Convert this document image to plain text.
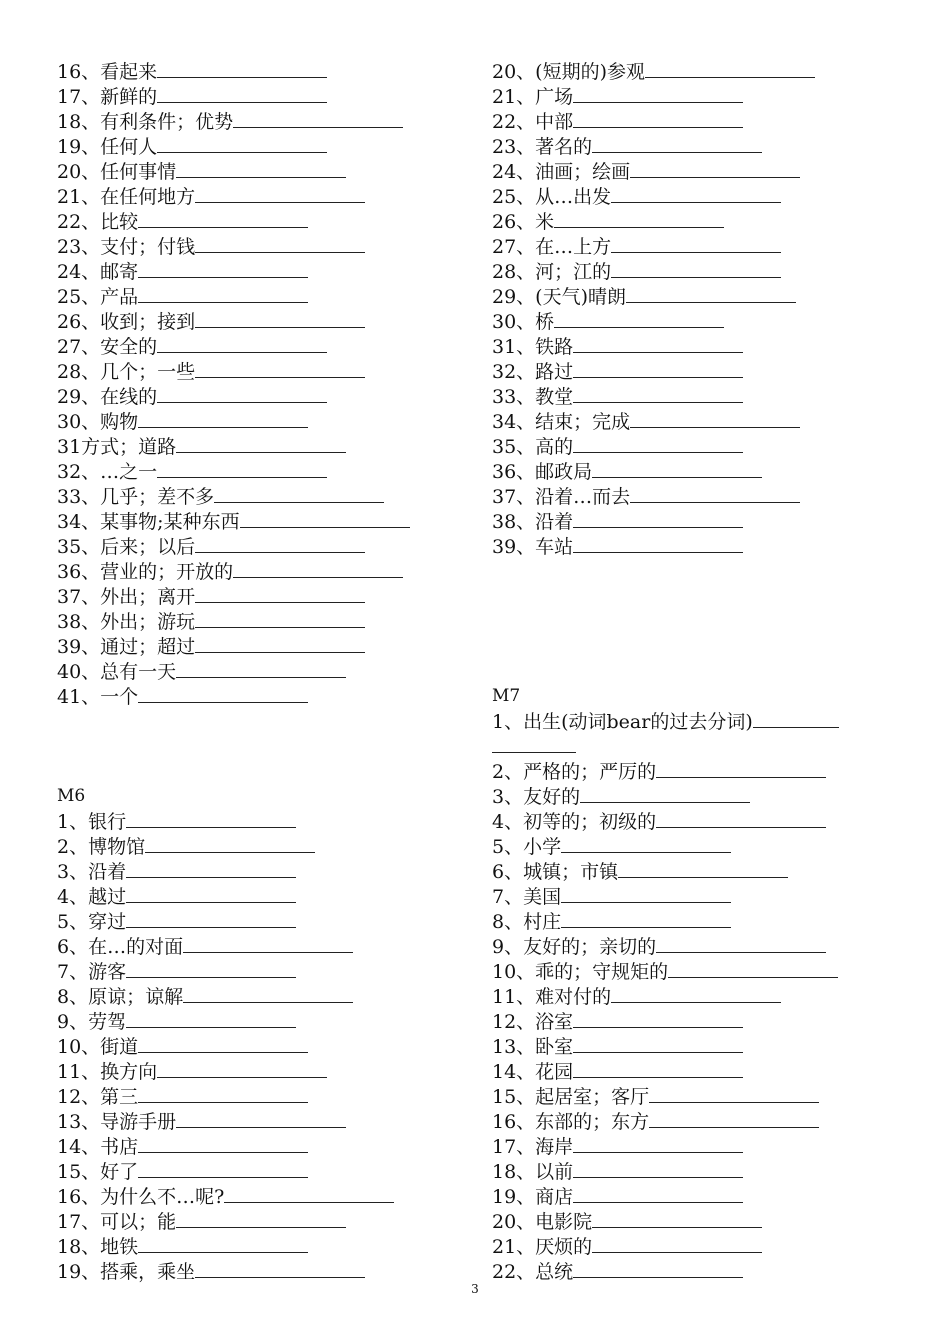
16、看起来
17、新鲜的
18、有利条件；优势
19、任何人
20、任何事情
21、在任何地方
22、比较
23、支付；付钱
24、邮寄
25、产品
26、收到；接到
27、安全的
28、几个；一些
29、在线的
30、购物
31方式；道路
32、…之一
33、几乎；差不多
34、某事物;某种东西
35、后来；以后
36、营业的；开放的
37、外出；离开
38、外出；游玩
39、通过；超过
40、总有一天
41、一个
M6
1、银行
2、博物馆
3、沿着
4、越过
5、穿过
6、在…的对面
7、游客
8、原谅；谅解
9、劳驾
10、街道
11、换方向
12、第三
13、导游手册
14、书店
15、好了
16、为什么不…呢?
17、可以；能
18、地铁
19、搭乘，乘坐
20、(短期的)参观
21、广场
22、中部
23、著名的
24、油画；绘画
25、从…出发
26、米
27、在…上方
28、河；江的
29、(天气)晴朗
30、桥
31、铁路
32、路过
33、教堂
34、结束；完成
35、高的
36、邮政局
37、沿着…而去
38、沿着
39、车站
M7
1、出生(动词bear的过去分词)
2、严格的；严厉的
3、友好的
4、初等的；初级的
5、小学
6、城镇；市镇
7、美国
8、村庄
9、友好的；亲切的
10、乖的；守规矩的
11、难对付的
12、浴室
13、卧室
14、花园
15、起居室；客厅
16、东部的；东方
17、海岸
18、以前
19、商店
20、电影院
21、厌烦的
22、总统
3
